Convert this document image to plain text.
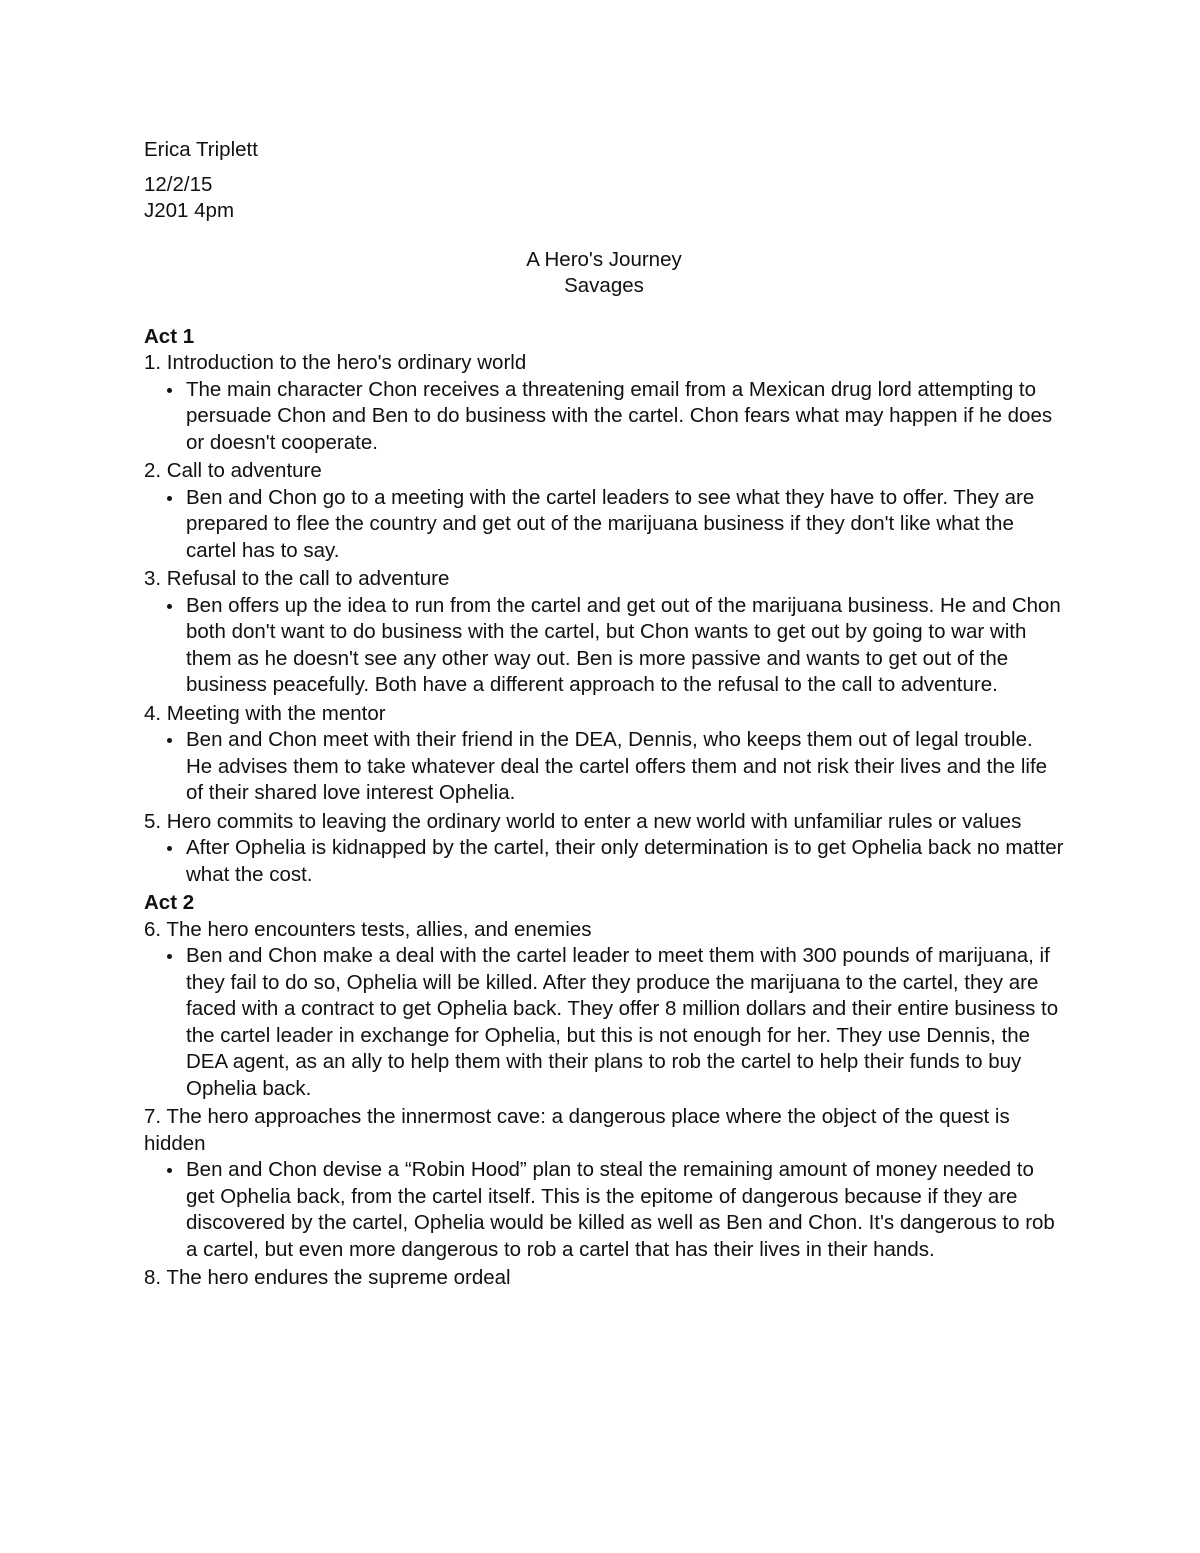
Erica Triplett

12/2/15

J201 4pm

A Hero's Journey
Savages

Act 1

1. Introduction to the hero's ordinary world

The main character Chon receives a threatening email from a Mexican drug lord attempting to persuade Chon and Ben to do business with the cartel. Chon fears what may happen if he does or doesn't cooperate.

2. Call to adventure

Ben and Chon go to a meeting with the cartel leaders to see what they have to offer. They are prepared to flee the country and get out of the marijuana business if they don't like what the cartel has to say.

3. Refusal to the call to adventure

Ben offers up the idea to run from the cartel and get out of the marijuana business. He and Chon both don't want to do business with the cartel, but Chon wants to get out by going to war with them as he doesn't see any other way out. Ben is more passive and wants to get out of the business peacefully. Both have a different approach to the refusal to the call to adventure.

4. Meeting with the mentor

Ben and Chon meet with their friend in the DEA, Dennis, who keeps them out of legal trouble. He advises them to take whatever deal the cartel offers them and not risk their lives and the life of their shared love interest Ophelia.

5. Hero commits to leaving the ordinary world to enter a new world with unfamiliar rules or values

After Ophelia is kidnapped by the cartel, their only determination is to get Ophelia back no matter what the cost.

Act 2

6. The hero encounters tests, allies, and enemies

Ben and Chon make a deal with the cartel leader to meet them with 300 pounds of marijuana, if they fail to do so, Ophelia will be killed. After they produce the marijuana to the cartel, they are faced with a contract to get Ophelia back. They offer 8 million dollars and their entire business to the cartel leader in exchange for Ophelia, but this is not enough for her. They use Dennis, the DEA agent, as an ally to help them with their plans to rob the cartel to help their funds to buy Ophelia back.

7. The hero approaches the innermost cave: a dangerous place where the object of the quest is hidden

Ben and Chon devise a “Robin Hood” plan to steal the remaining amount of money needed to get Ophelia back, from the cartel itself. This is the epitome of dangerous because if they are discovered by the cartel, Ophelia would be killed as well as Ben and Chon. It's dangerous to rob a cartel, but even more dangerous to rob a cartel that has their lives in their hands.

8. The hero endures the supreme ordeal
